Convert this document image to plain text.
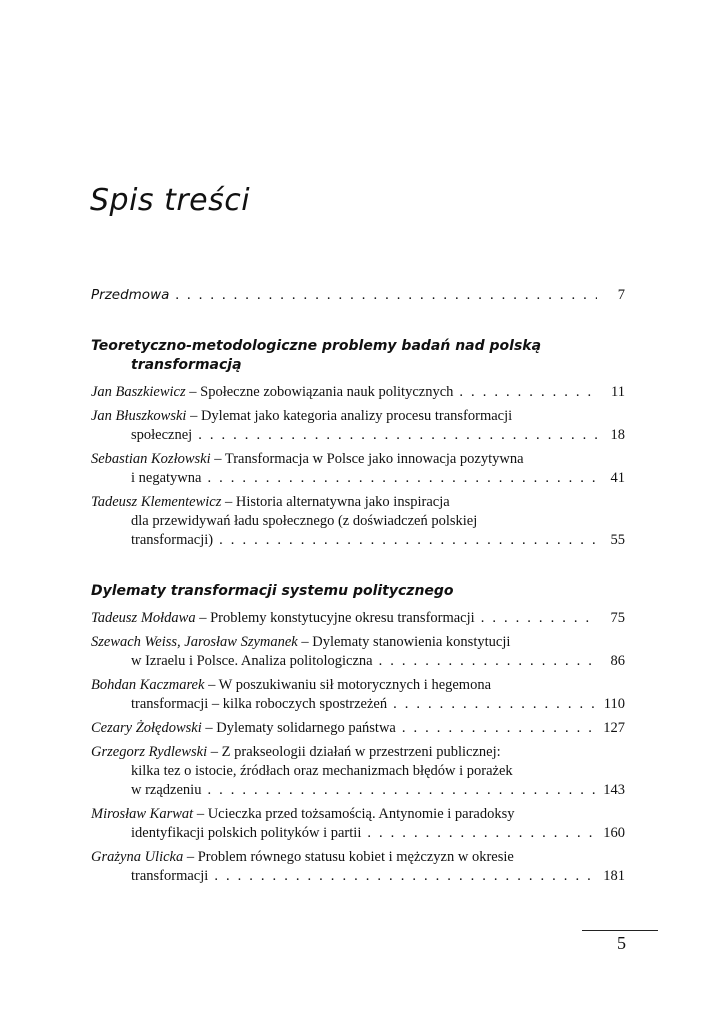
Spis treści
Przedmowa . . .	7
Teoretyczno-metodologiczne problemy badań nad polską
transformacją
Jan Baszkiewicz – Społeczne zobowiązania nauk politycznych . . .	11
Jan Błuszkowski – Dylemat jako kategoria analizy procesu transformacji
społecznej . . .	18
Sebastian Kozłowski – Transformacja w Polsce jako innowacja pozytywna
i negatywna . . .	41
Tadeusz Klementewicz – Historia alternatywna jako inspiracja
dla przewidywań ładu społecznego (z doświadczeń polskiej
transformacji) . . .	55
Dylematy transformacji systemu politycznego
Tadeusz Mołdawa – Problemy konstytucyjne okresu transformacji . . .	75
Szewach Weiss, Jarosław Szymanek – Dylematy stanowienia konstytucji
w Izraelu i Polsce. Analiza politologiczna . . .	86
Bohdan Kaczmarek – W poszukiwaniu sił motorycznych i hegemona
transformacji – kilka roboczych spostrzeżeń . . .	110
Cezary Żołędowski – Dylematy solidarnego państwa . . .	127
Grzegorz Rydlewski – Z prakseologii działań w przestrzeni publicznej:
kilka tez o istocie, źródłach oraz mechanizmach błędów i porażek
w rządzeniu . . .	143
Mirosław Karwat – Ucieczka przed tożsamością. Antynomie i paradoksy
identyfikacji polskich polityków i partii . . .	160
Grażyna Ulicka – Problem równego statusu kobiet i mężczyzn w okresie
transformacji . . .	181
5
